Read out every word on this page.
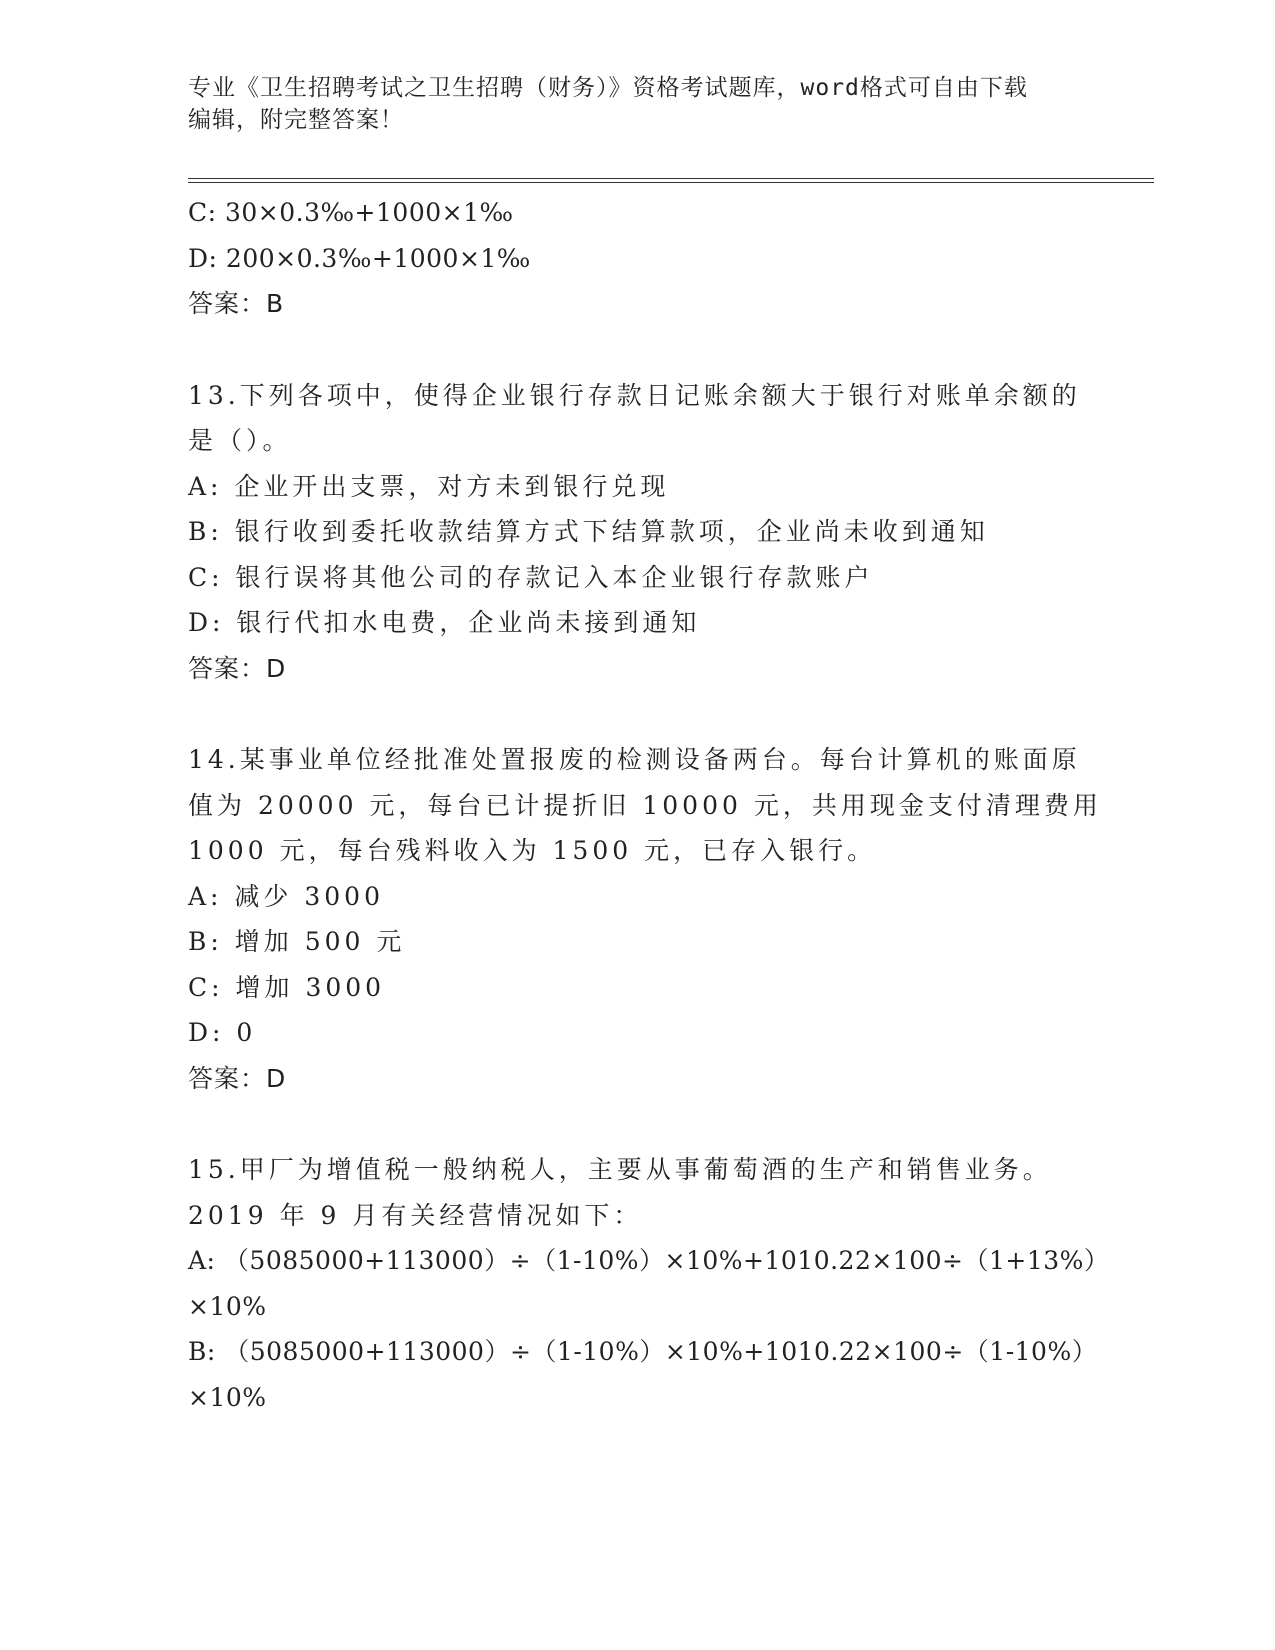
专业《卫生招聘考试之卫生招聘（财务）》资格考试题库，word格式可自由下载
编辑，附完整答案！
C: 30×0.3‰+1000×1‰
D: 200×0.3‰+1000×1‰
答案：B
13.下列各项中，使得企业银行存款日记账余额大于银行对账单余额的
是（）。
A: 企业开出支票，对方未到银行兑现
B: 银行收到委托收款结算方式下结算款项，企业尚未收到通知
C: 银行误将其他公司的存款记入本企业银行存款账户
D: 银行代扣水电费，企业尚未接到通知
答案：D
14.某事业单位经批准处置报废的检测设备两台。每台计算机的账面原
值为 20000 元，每台已计提折旧 10000 元，共用现金支付清理费用
1000 元，每台残料收入为 1500 元，已存入银行。
A: 减少 3000
B: 增加 500 元
C: 增加 3000
D: 0
答案：D
15.甲厂为增值税一般纳税人，主要从事葡萄酒的生产和销售业务。
2019 年 9 月有关经营情况如下：
A: （5085000+113000）÷（1-10%）×10%+1010.22×100÷（1+13%）
×10%
B: （5085000+113000）÷（1-10%）×10%+1010.22×100÷（1-10%）
×10%
